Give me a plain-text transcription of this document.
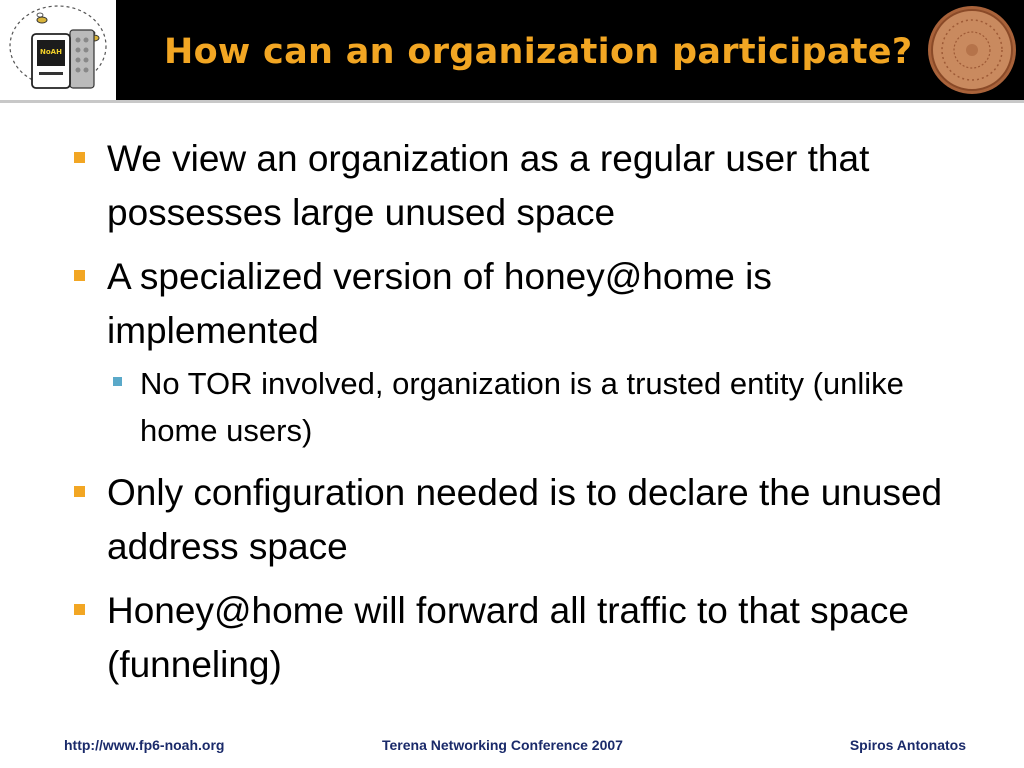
NoAH	How can an organization participate?
We view an organization as a regular user that possesses large unused space
A specialized version of honey@home is implemented
No TOR involved, organization is a trusted entity (unlike home users)
Only configuration needed is to declare the unused address space
Honey@home will forward all traffic to that space (funneling)
http://www.fp6-noah.org	Terena Networking Conference 2007	Spiros Antonatos
